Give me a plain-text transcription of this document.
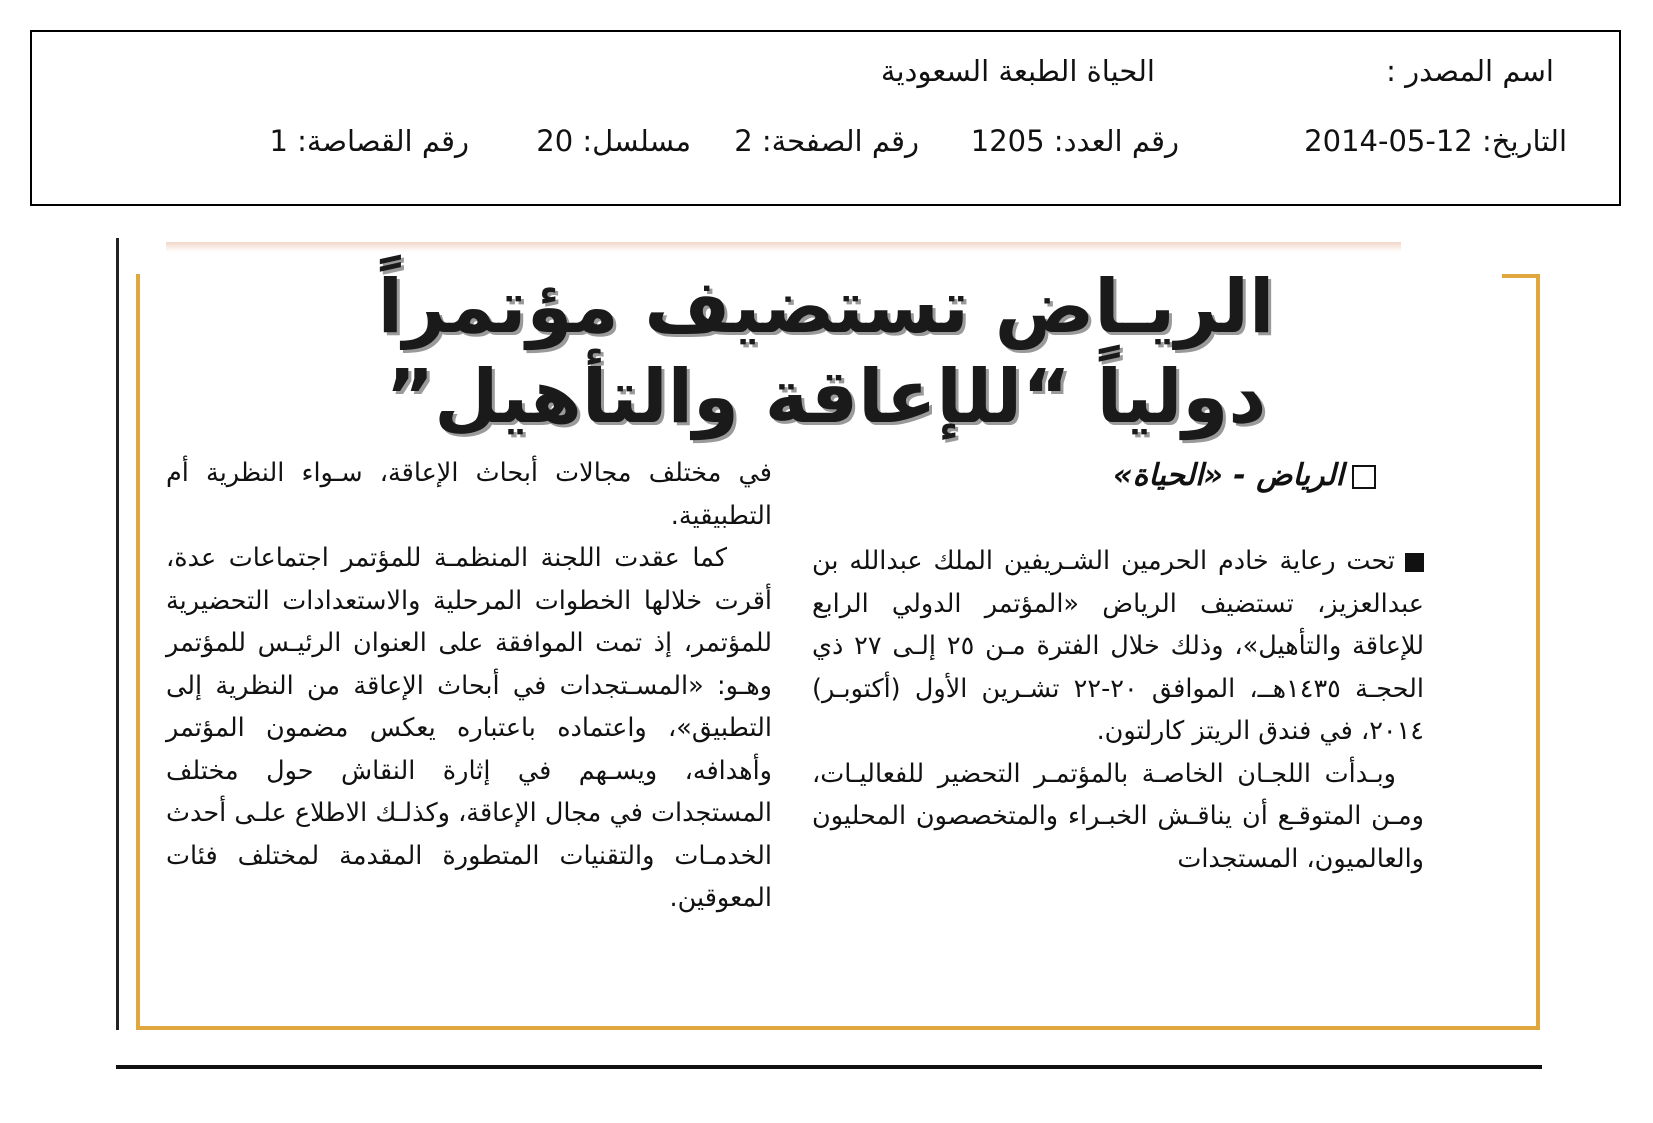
اسم المصدر :
الحياة الطبعة السعودية
التاريخ: 12-05-2014
رقم العدد: 1205
رقم الصفحة: 2
مسلسل: 20
رقم القصاصة: 1
الريـاض تستضيف مؤتمراً
دولياً “للإعاقة والتأهيل”
الرياض - «الحياة»

تحت رعاية خادم الحرمين الشـريفين الملك عبدالله بن عبدالعزيز، تستضيف الرياض «المؤتمر الدولي الرابع للإعاقة والتأهيل»، وذلك خلال الفترة مـن ٢٥ إلـى ٢٧ ذي الحجـة ١٤٣٥هــ، الموافق ٢٠-٢٢ تشـرين الأول (أكتوبـر) ٢٠١٤، في فندق الريتز كارلتون.

وبـدأت اللجـان الخاصـة بالمؤتمـر التحضير للفعاليـات، ومـن المتوقـع أن يناقـش الخبـراء والمتخصصون المحليون والعالميون، المستجدات

في مختلف مجالات أبحاث الإعاقة، سـواء النظرية أم التطبيقية.

كما عقدت اللجنة المنظمـة للمؤتمر اجتماعات عدة، أقرت خلالها الخطوات المرحلية والاستعدادات التحضيرية للمؤتمر، إذ تمت الموافقة على العنوان الرئيـس للمؤتمر وهـو: «المسـتجدات في أبحاث الإعاقة من النظرية إلى التطبيق»، واعتماده باعتباره يعكس مضمون المؤتمر وأهدافه، ويسـهم في إثارة النقاش حول مختلف المستجدات في مجال الإعاقة، وكذلـك الاطلاع علـى أحدث الخدمـات والتقنيات المتطورة المقدمة لمختلف فئات المعوقين.
